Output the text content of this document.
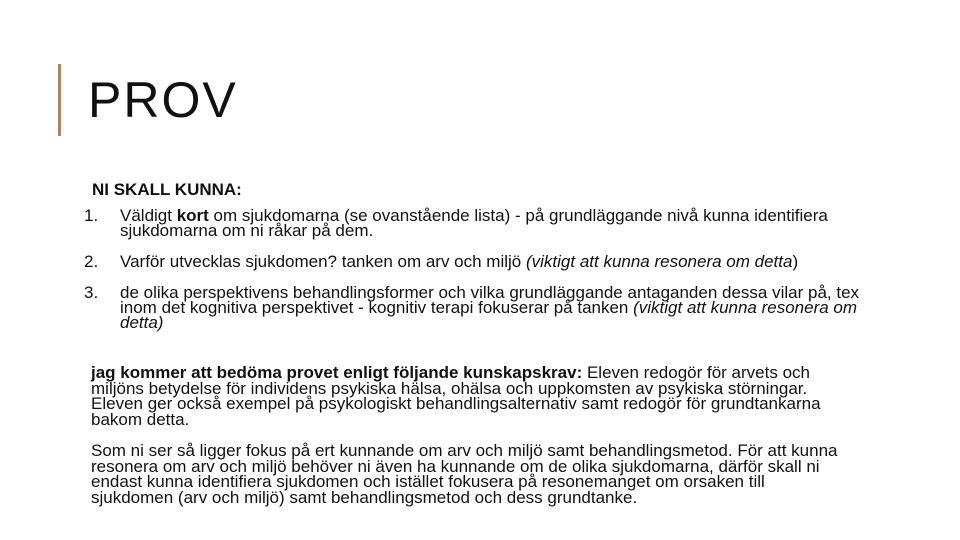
PROV
NI SKALL KUNNA:
1. Väldigt kort om sjukdomarna (se ovanstående lista) - på grundläggande nivå kunna identifiera sjukdomarna om ni råkar på dem.
2. Varför utvecklas sjukdomen? tanken om arv och miljö (viktigt att kunna resonera om detta)
3. de olika perspektivens behandlingsformer och vilka grundläggande antaganden dessa vilar på, tex inom det kognitiva perspektivet - kognitiv terapi fokuserar på tanken (viktigt att kunna resonera om detta)

jag kommer att bedöma provet enligt följande kunskapskrav: Eleven redogör för arvets och miljöns betydelse för individens psykiska hälsa, ohälsa och uppkomsten av psykiska störningar. Eleven ger också exempel på psykologiskt behandlingsalternativ samt redogör för grundtankarna bakom detta.

Som ni ser så ligger fokus på ert kunnande om arv och miljö samt behandlingsmetod. För att kunna resonera om arv och miljö behöver ni även ha kunnande om de olika sjukdomarna, därför skall ni endast kunna identifiera sjukdomen och istället fokusera på resonemanget om orsaken till sjukdomen (arv och miljö) samt behandlingsmetod och dess grundtanke.
